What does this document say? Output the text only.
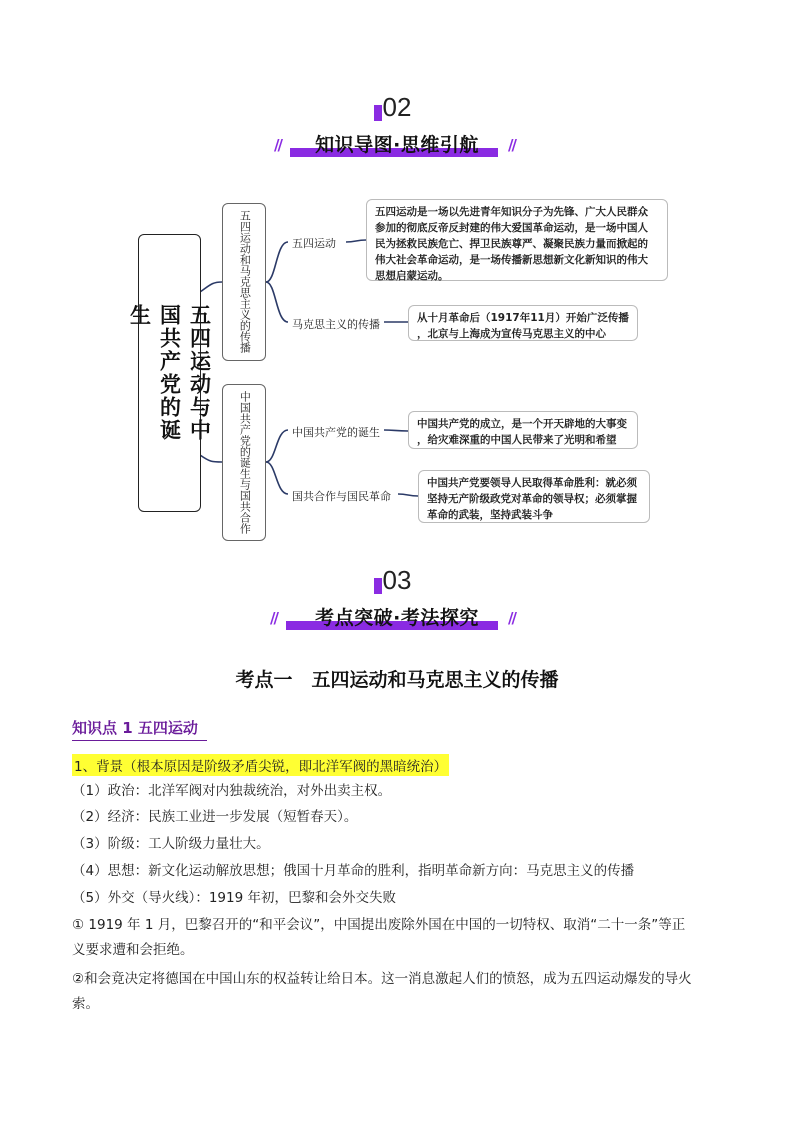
02
//	知识导图·思维引航	//
五四运动与中国共产党的诞生	五四运动和马克思主义的传播
中国共产党的诞生与国共合作
五四运动
马克思主义的传播
中国共产党的诞生
国共合作与国民革命
五四运动是一场以先进青年知识分子为先锋、广大人民群众
参加的彻底反帝反封建的伟大爱国革命运动，是一场中国人
民为拯救民族危亡、捍卫民族尊严、凝聚民族力量而掀起的
伟大社会革命运动，是一场传播新思想新文化新知识的伟大
思想启蒙运动。
从十月革命后（1917年11月）开始广泛传播
，北京与上海成为宣传马克思主义的中心
中国共产党的成立，是一个开天辟地的大事变
，给灾难深重的中国人民带来了光明和希望
中国共产党要领导人民取得革命胜利：就必须
坚持无产阶级政党对革命的领导权；必须掌握
革命的武装，坚持武装斗争
03
//	考点突破·考法探究	//
考点一　五四运动和马克思主义的传播
知识点 1 五四运动
1、背景（根本原因是阶级矛盾尖锐，即北洋军阀的黑暗统治）
（1）政治：北洋军阀对内独裁统治，对外出卖主权。
（2）经济：民族工业进一步发展（短暂春天）。
（3）阶级：工人阶级力量壮大。
（4）思想：新文化运动解放思想；俄国十月革命的胜利，指明革命新方向：马克思主义的传播
（5）外交（导火线）：1919 年初，巴黎和会外交失败
① 1919 年 1 月，巴黎召开的“和平会议”，中国提出废除外国在中国的一切特权、取消“二十一条”等正
义要求遭和会拒绝。
②和会竟决定将德国在中国山东的权益转让给日本。这一消息激起人们的愤怒，成为五四运动爆发的导火
索。
